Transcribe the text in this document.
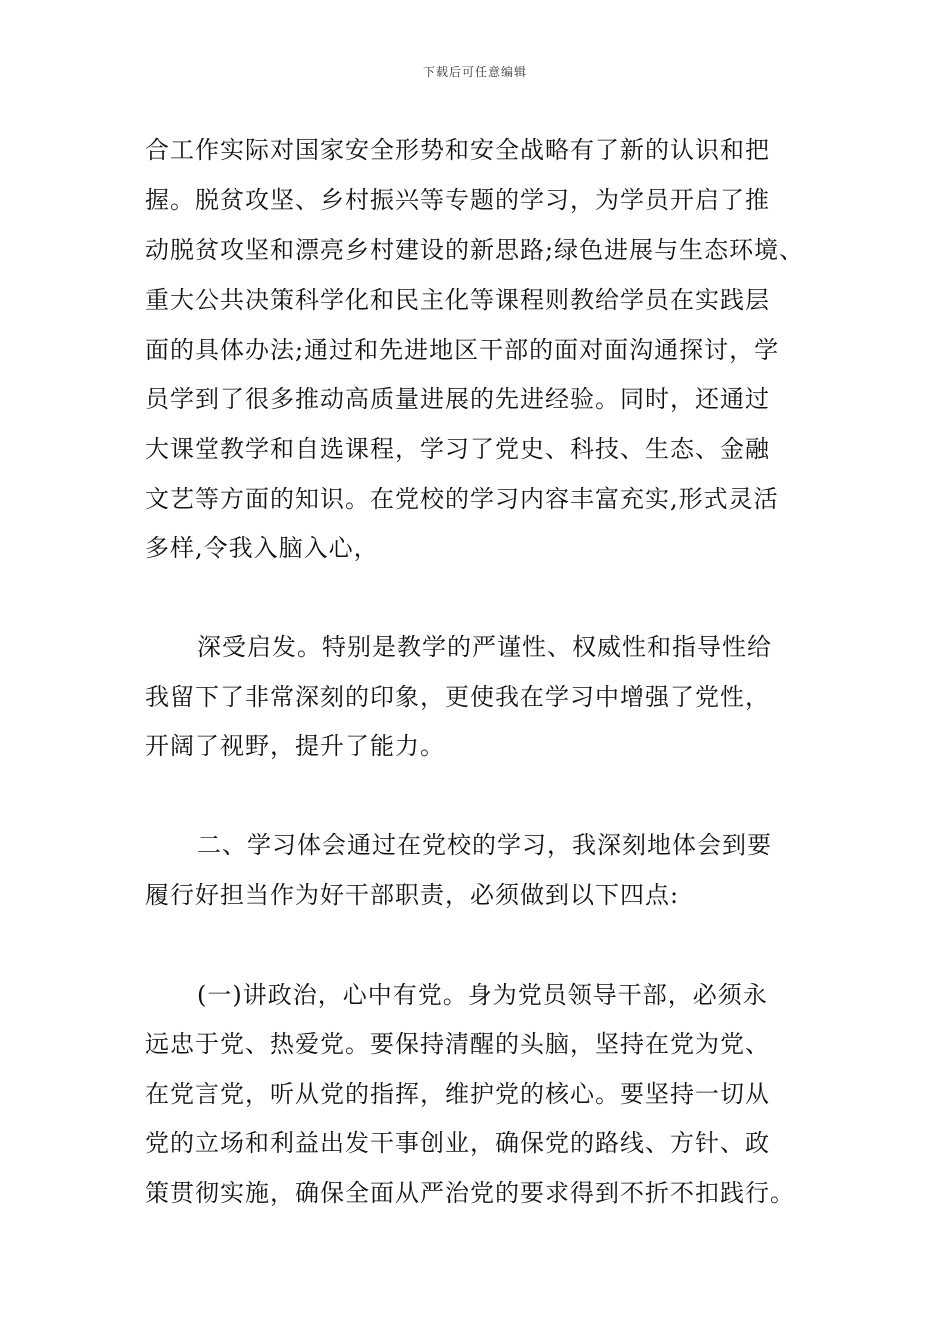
下载后可任意编辑
合工作实际对国家安全形势和安全战略有了新的认识和把
握。脱贫攻坚、乡村振兴等专题的学习，为学员开启了推
动脱贫攻坚和漂亮乡村建设的新思路;绿色进展与生态环境、
重大公共决策科学化和民主化等课程则教给学员在实践层
面的具体办法;通过和先进地区干部的面对面沟通探讨，学
员学到了很多推动高质量进展的先进经验。同时，还通过
大课堂教学和自选课程，学习了党史、科技、生态、金融
文艺等方面的知识。在党校的学习内容丰富充实,形式灵活
多样,令我入脑入心，
深受启发。特别是教学的严谨性、权威性和指导性给
我留下了非常深刻的印象，更使我在学习中增强了党性，
开阔了视野，提升了能力。
二、学习体会通过在党校的学习，我深刻地体会到要
履行好担当作为好干部职责，必须做到以下四点:
(一)讲政治，心中有党。身为党员领导干部，必须永
远忠于党、热爱党。要保持清醒的头脑，坚持在党为党、
在党言党，听从党的指挥，维护党的核心。要坚持一切从
党的立场和利益出发干事创业，确保党的路线、方针、政
策贯彻实施，确保全面从严治党的要求得到不折不扣践行。
